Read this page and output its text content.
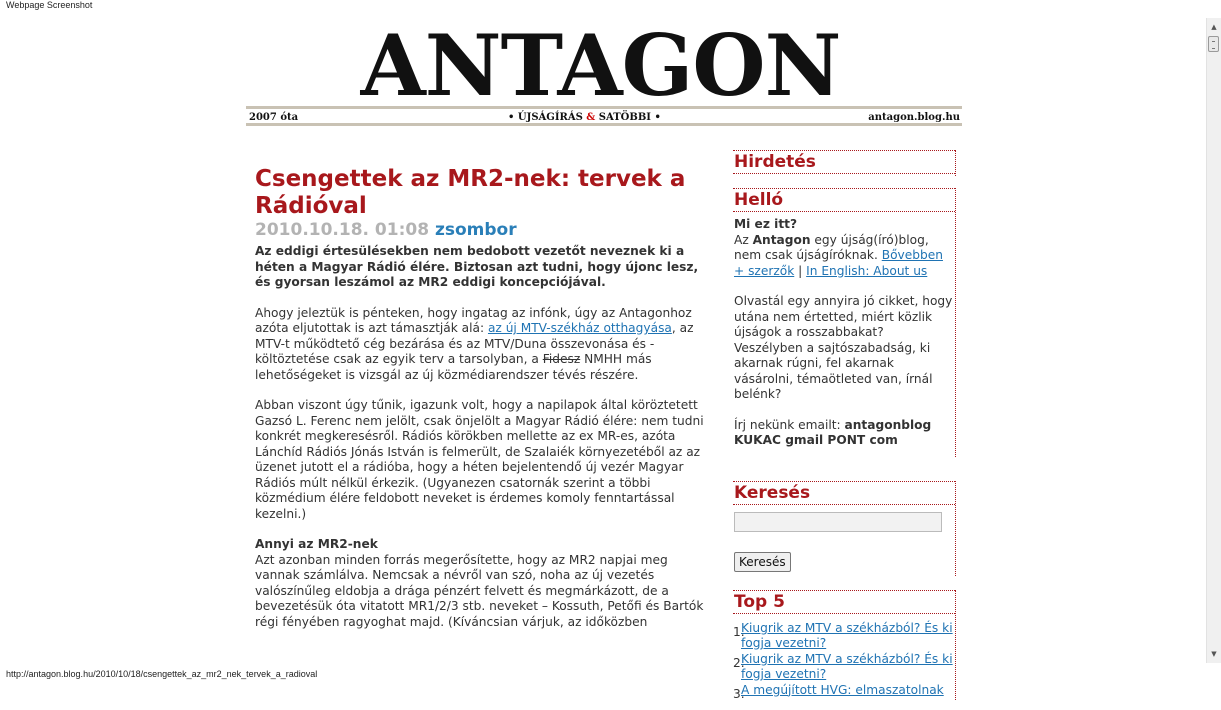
Webpage Screenshot
ANTAGON
2007 óta	• ÚJSÁGÍRÁS & SATÖBBI •	antagon.blog.hu
Csengettek az MR2-nek: tervek a Rádióval

2010.10.18. 01:08 zsombor

Az eddigi értesülésekben nem bedobott vezetőt neveznek ki a héten a Magyar Rádió élére. Biztosan azt tudni, hogy újonc lesz, és gyorsan leszámol az MR2 eddigi koncepciójával.

Ahogy jeleztük is pénteken, hogy ingatag az infónk, úgy az Antagonhoz azóta eljutottak is azt támasztják alá: az új MTV-székház otthagyása, az MTV-t működtető cég bezárása és az MTV/Duna összevonása és -költöztetése csak az egyik terv a tarsolyban, a Fidesz NMHH más lehetőségeket is vizsgál az új közmédiarendszer tévés részére.

Abban viszont úgy tűnik, igazunk volt, hogy a napilapok által köröztetett Gazsó L. Ferenc nem jelölt, csak önjelölt a Magyar Rádió élére: nem tudni konkrét megkeresésről. Rádiós körökben mellette az ex MR-es, azóta Lánchíd Rádiós Jónás István is felmerült, de Szalaiék környezetéből az az üzenet jutott el a rádióba, hogy a héten bejelentendő új vezér Magyar Rádiós múlt nélkül érkezik. (Ugyanezen csatornák szerint a többi közmédium élére feldobott neveket is érdemes komoly fenntartással kezelni.)

Annyi az MR2-nek

Azt azonban minden forrás megerősítette, hogy az MR2 napjai meg vannak számlálva. Nemcsak a névről van szó, noha az új vezetés valószínűleg eldobja a drága pénzért felvett és megmárkázott, de a bevezetésük óta vitatott MR1/2/3 stb. neveket – Kossuth, Petőfi és Bartók régi fényében ragyoghat majd. (Kíváncsian várjuk, az időközben

Hirdetés
Helló
Mi ez itt?
Az Antagon egy újság(író)blog, nem csak újságíróknak. Bővebben + szerzők | In English: About us

Olvastál egy annyira jó cikket, hogy utána nem értetted, miért közlik újságok a rosszabbakat? Veszélyben a sajtószabadság, ki akarnak rúgni, fel akarnak vásárolni, témaötleted van, írnál belénk?

Írj nekünk emailt: antagonblog KUKAC gmail PONT com

Keresés
Keresés
Top 5
1.
Kiugrik az MTV a székházból? És ki fogja vezetni?
2.
Kiugrik az MTV a székházból? És ki fogja vezetni?
3.
A megújított HVG: elmaszatolnak
▲
▼
http://antagon.blog.hu/2010/10/18/csengettek_az_mr2_nek_tervek_a_radioval
